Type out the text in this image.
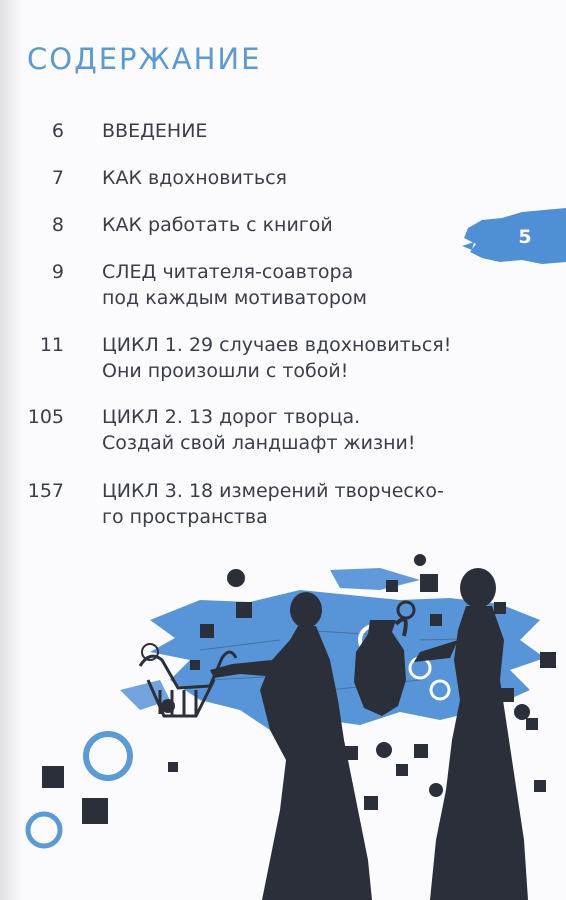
СОДЕРЖАНИЕ
5
6 ВВЕДЕНИЕ
7 КАК вдохновиться
8 КАК работать с книгой
9 СЛЕД читателя-соавтора
под каждым мотиватором
11 ЦИКЛ 1. 29 случаев вдохновиться!
Они произошли с тобой!
105 ЦИКЛ 2. 13 дорог творца.
Создай свой ландшафт жизни!
157 ЦИКЛ 3. 18 измерений творческо-
го пространства
